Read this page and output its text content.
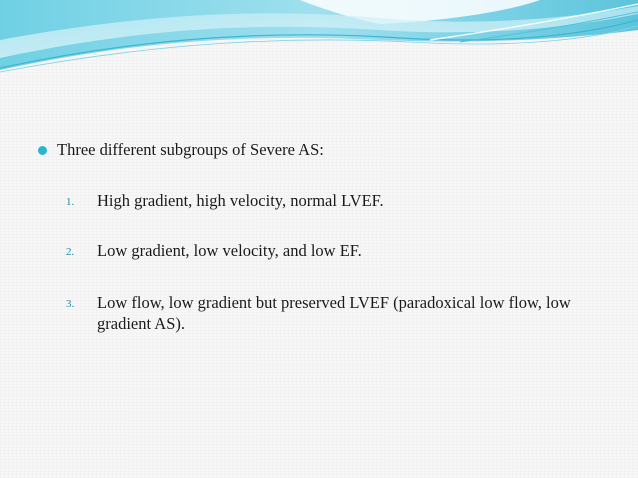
Three different subgroups of Severe AS:
1. High gradient, high velocity, normal LVEF.
2. Low gradient, low velocity, and low EF.
3. Low flow, low gradient but preserved LVEF (paradoxical low flow, low gradient AS).
